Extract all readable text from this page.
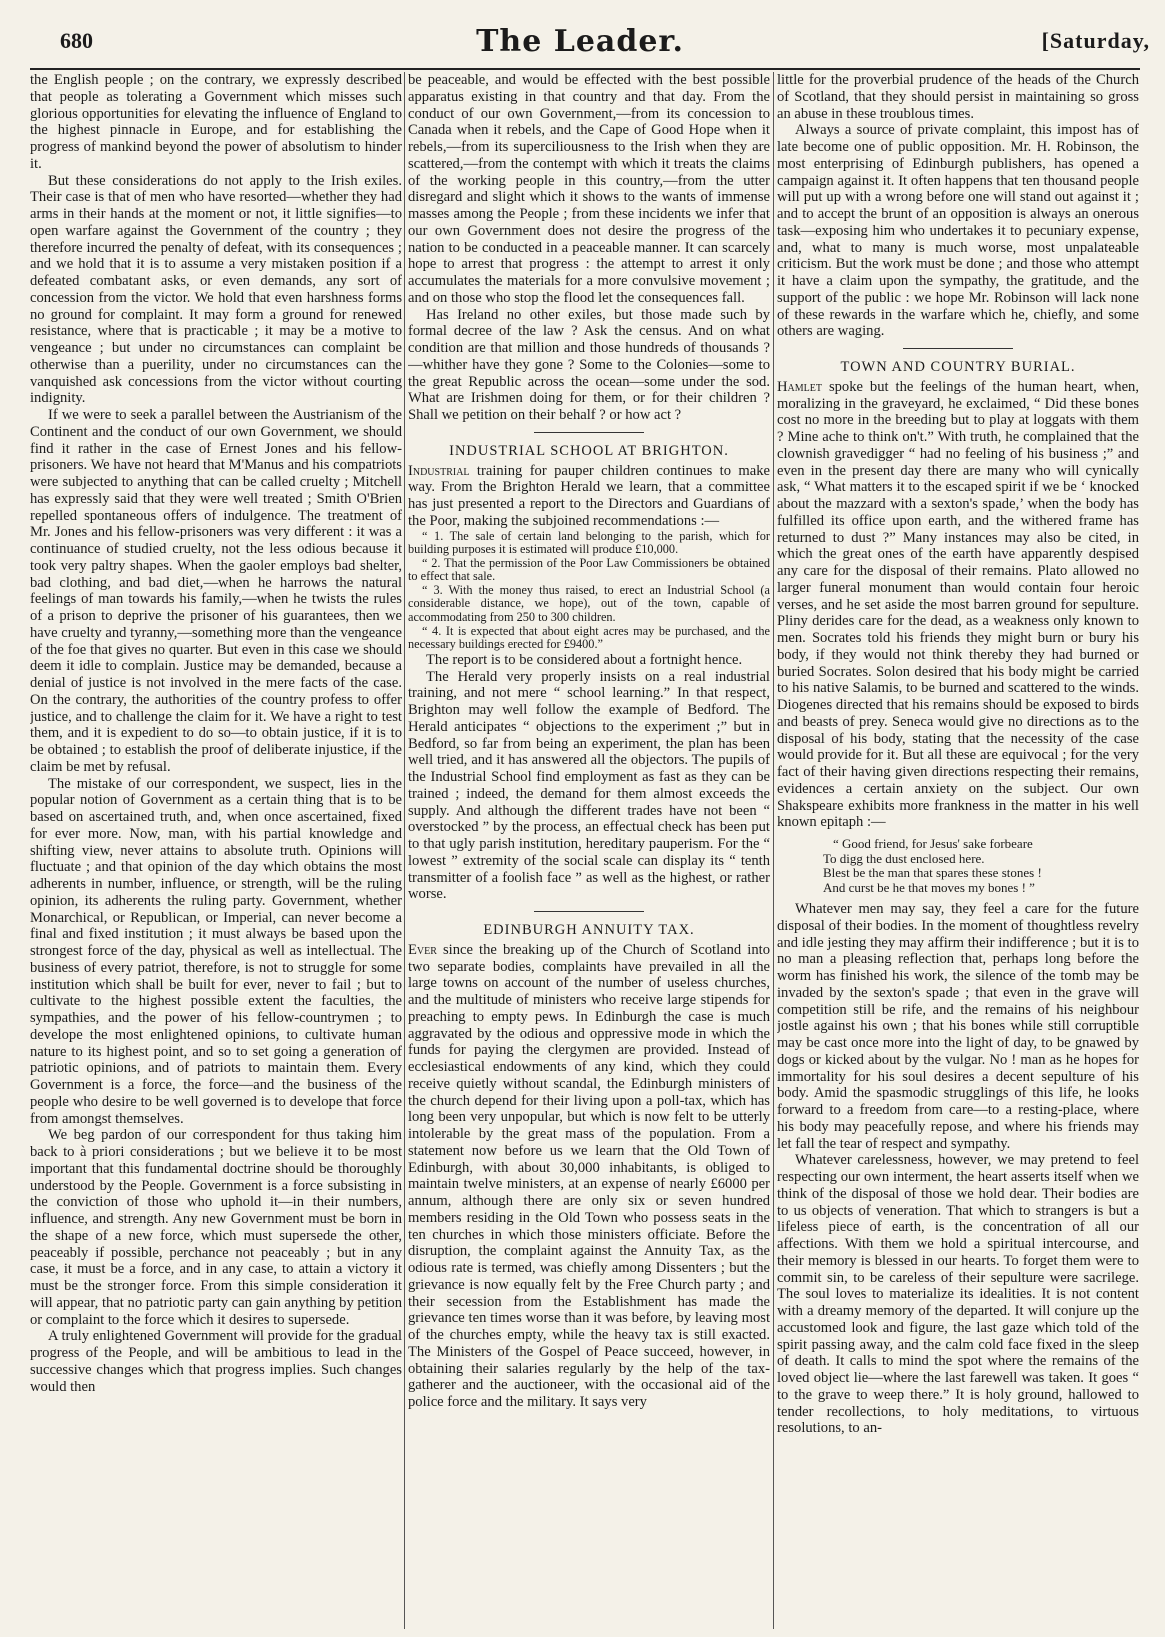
680	The Leader.	[Saturday,

the English people ; on the contrary, we expressly described that people as tolerating a Government which misses such glorious opportunities for elevating the influence of England to the highest pinnacle in Europe, and for establishing the progress of mankind beyond the power of absolutism to hinder it.

But these considerations do not apply to the Irish exiles. Their case is that of men who have resorted—whether they had arms in their hands at the moment or not, it little signifies—to open warfare against the Government of the country ; they therefore incurred the penalty of defeat, with its consequences ; and we hold that it is to assume a very mistaken position if a defeated combatant asks, or even demands, any sort of concession from the victor. We hold that even harshness forms no ground for complaint. It may form a ground for renewed resistance, where that is practicable ; it may be a motive to vengeance ; but under no circumstances can complaint be otherwise than a puerility, under no circumstances can the vanquished ask concessions from the victor without courting indignity.

If we were to seek a parallel between the Austrianism of the Continent and the conduct of our own Government, we should find it rather in the case of Ernest Jones and his fellow-prisoners. We have not heard that M'Manus and his compatriots were subjected to anything that can be called cruelty ; Mitchell has expressly said that they were well treated ; Smith O'Brien repelled spontaneous offers of indulgence. The treatment of Mr. Jones and his fellow-prisoners was very different : it was a continuance of studied cruelty, not the less odious because it took very paltry shapes. When the gaoler employs bad shelter, bad clothing, and bad diet,—when he harrows the natural feelings of man towards his family,—when he twists the rules of a prison to deprive the prisoner of his guarantees, then we have cruelty and tyranny,—something more than the vengeance of the foe that gives no quarter. But even in this case we should deem it idle to complain. Justice may be demanded, because a denial of justice is not involved in the mere facts of the case. On the contrary, the authorities of the country profess to offer justice, and to challenge the claim for it. We have a right to test them, and it is expedient to do so—to obtain justice, if it is to be obtained ; to establish the proof of deliberate injustice, if the claim be met by refusal.

The mistake of our correspondent, we suspect, lies in the popular notion of Government as a certain thing that is to be based on ascertained truth, and, when once ascertained, fixed for ever more. Now, man, with his partial knowledge and shifting view, never attains to absolute truth. Opinions will fluctuate ; and that opinion of the day which obtains the most adherents in number, influence, or strength, will be the ruling opinion, its adherents the ruling party. Government, whether Monarchical, or Republican, or Imperial, can never become a final and fixed institution ; it must always be based upon the strongest force of the day, physical as well as intellectual. The business of every patriot, therefore, is not to struggle for some institution which shall be built for ever, never to fail ; but to cultivate to the highest possible extent the faculties, the sympathies, and the power of his fellow-countrymen ; to develope the most enlightened opinions, to cultivate human nature to its highest point, and so to set going a generation of patriotic opinions, and of patriots to maintain them. Every Government is a force, the force—and the business of the people who desire to be well governed is to develope that force from amongst themselves.

We beg pardon of our correspondent for thus taking him back to à priori considerations ; but we believe it to be most important that this fundamental doctrine should be thoroughly understood by the People. Government is a force subsisting in the conviction of those who uphold it—in their numbers, influence, and strength. Any new Government must be born in the shape of a new force, which must supersede the other, peaceably if possible, perchance not peaceably ; but in any case, it must be a force, and in any case, to attain a victory it must be the stronger force. From this simple consideration it will appear, that no patriotic party can gain anything by petition or complaint to the force which it desires to supersede.

A truly enlightened Government will provide for the gradual progress of the People, and will be ambitious to lead in the successive changes which that progress implies. Such changes would then

be peaceable, and would be effected with the best possible apparatus existing in that country and that day. From the conduct of our own Government,—from its concession to Canada when it rebels, and the Cape of Good Hope when it rebels,—from its superciliousness to the Irish when they are scattered,—from the contempt with which it treats the claims of the working people in this country,—from the utter disregard and slight which it shows to the wants of immense masses among the People ; from these incidents we infer that our own Government does not desire the progress of the nation to be conducted in a peaceable manner. It can scarcely hope to arrest that progress : the attempt to arrest it only accumulates the materials for a more convulsive movement ; and on those who stop the flood let the consequences fall.

Has Ireland no other exiles, but those made such by formal decree of the law ? Ask the census. And on what condition are that million and those hundreds of thousands ?—whither have they gone ? Some to the Colonies—some to the great Republic across the ocean—some under the sod. What are Irishmen doing for them, or for their children ? Shall we petition on their behalf ? or how act ?

INDUSTRIAL SCHOOL AT BRIGHTON.

Industrial training for pauper children continues to make way. From the Brighton Herald we learn, that a committee has just presented a report to the Directors and Guardians of the Poor, making the subjoined recommendations :—

“ 1. The sale of certain land belonging to the parish, which for building purposes it is estimated will produce £10,000.

“ 2. That the permission of the Poor Law Commissioners be obtained to effect that sale.

“ 3. With the money thus raised, to erect an Industrial School (a considerable distance, we hope), out of the town, capable of accommodating from 250 to 300 children.

“ 4. It is expected that about eight acres may be purchased, and the necessary buildings erected for £9400.”

The report is to be considered about a fortnight hence.

The Herald very properly insists on a real industrial training, and not mere “ school learning.” In that respect, Brighton may well follow the example of Bedford. The Herald anticipates “ objections to the experiment ;” but in Bedford, so far from being an experiment, the plan has been well tried, and it has answered all the objectors. The pupils of the Industrial School find employment as fast as they can be trained ; indeed, the demand for them almost exceeds the supply. And although the different trades have not been “ overstocked ” by the process, an effectual check has been put to that ugly parish institution, hereditary pauperism. For the “ lowest ” extremity of the social scale can display its “ tenth transmitter of a foolish face ” as well as the highest, or rather worse.

EDINBURGH ANNUITY TAX.

Ever since the breaking up of the Church of Scotland into two separate bodies, complaints have prevailed in all the large towns on account of the number of useless churches, and the multitude of ministers who receive large stipends for preaching to empty pews. In Edinburgh the case is much aggravated by the odious and oppressive mode in which the funds for paying the clergymen are provided. Instead of ecclesiastical endowments of any kind, which they could receive quietly without scandal, the Edinburgh ministers of the church depend for their living upon a poll-tax, which has long been very unpopular, but which is now felt to be utterly intolerable by the great mass of the population. From a statement now before us we learn that the Old Town of Edinburgh, with about 30,000 inhabitants, is obliged to maintain twelve ministers, at an expense of nearly £6000 per annum, although there are only six or seven hundred members residing in the Old Town who possess seats in the ten churches in which those ministers officiate. Before the disruption, the complaint against the Annuity Tax, as the odious rate is termed, was chiefly among Dissenters ; but the grievance is now equally felt by the Free Church party ; and their secession from the Establishment has made the grievance ten times worse than it was before, by leaving most of the churches empty, while the heavy tax is still exacted. The Ministers of the Gospel of Peace succeed, however, in obtaining their salaries regularly by the help of the tax-gatherer and the auctioneer, with the occasional aid of the police force and the military. It says very

little for the proverbial prudence of the heads of the Church of Scotland, that they should persist in maintaining so gross an abuse in these troublous times.

Always a source of private complaint, this impost has of late become one of public opposition. Mr. H. Robinson, the most enterprising of Edinburgh publishers, has opened a campaign against it. It often happens that ten thousand people will put up with a wrong before one will stand out against it ; and to accept the brunt of an opposition is always an onerous task—exposing him who undertakes it to pecuniary expense, and, what to many is much worse, most unpalateable criticism. But the work must be done ; and those who attempt it have a claim upon the sympathy, the gratitude, and the support of the public : we hope Mr. Robinson will lack none of these rewards in the warfare which he, chiefly, and some others are waging.

TOWN AND COUNTRY BURIAL.

Hamlet spoke but the feelings of the human heart, when, moralizing in the graveyard, he exclaimed, “ Did these bones cost no more in the breeding but to play at loggats with them ? Mine ache to think on't.” With truth, he complained that the clownish gravedigger “ had no feeling of his business ;” and even in the present day there are many who will cynically ask, “ What matters it to the escaped spirit if we be ‘ knocked about the mazzard with a sexton's spade,’ when the body has fulfilled its office upon earth, and the withered frame has returned to dust ?” Many instances may also be cited, in which the great ones of the earth have apparently despised any care for the disposal of their remains. Plato allowed no larger funeral monument than would contain four heroic verses, and he set aside the most barren ground for sepulture. Pliny derides care for the dead, as a weakness only known to men. Socrates told his friends they might burn or bury his body, if they would not think thereby they had burned or buried Socrates. Solon desired that his body might be carried to his native Salamis, to be burned and scattered to the winds. Diogenes directed that his remains should be exposed to birds and beasts of prey. Seneca would give no directions as to the disposal of his body, stating that the necessity of the case would provide for it. But all these are equivocal ; for the very fact of their having given directions respecting their remains, evidences a certain anxiety on the subject. Our own Shakspeare exhibits more frankness in the matter in his well known epitaph :—

“ Good friend, for Jesus' sake forbeare
To digg the dust enclosed here.
Blest be the man that spares these stones !
And curst be he that moves my bones ! ”

Whatever men may say, they feel a care for the future disposal of their bodies. In the moment of thoughtless revelry and idle jesting they may affirm their indifference ; but it is to no man a pleasing reflection that, perhaps long before the worm has finished his work, the silence of the tomb may be invaded by the sexton's spade ; that even in the grave will competition still be rife, and the remains of his neighbour jostle against his own ; that his bones while still corruptible may be cast once more into the light of day, to be gnawed by dogs or kicked about by the vulgar. No ! man as he hopes for immortality for his soul desires a decent sepulture of his body. Amid the spasmodic strugglings of this life, he looks forward to a freedom from care—to a resting-place, where his body may peacefully repose, and where his friends may let fall the tear of respect and sympathy.

Whatever carelessness, however, we may pretend to feel respecting our own interment, the heart asserts itself when we think of the disposal of those we hold dear. Their bodies are to us objects of veneration. That which to strangers is but a lifeless piece of earth, is the concentration of all our affections. With them we hold a spiritual intercourse, and their memory is blessed in our hearts. To forget them were to commit sin, to be careless of their sepulture were sacrilege. The soul loves to materialize its idealities. It is not content with a dreamy memory of the departed. It will conjure up the accustomed look and figure, the last gaze which told of the spirit passing away, and the calm cold face fixed in the sleep of death. It calls to mind the spot where the remains of the loved object lie—where the last farewell was taken. It goes “ to the grave to weep there.” It is holy ground, hallowed to tender recollections, to holy meditations, to virtuous resolutions, to an-
